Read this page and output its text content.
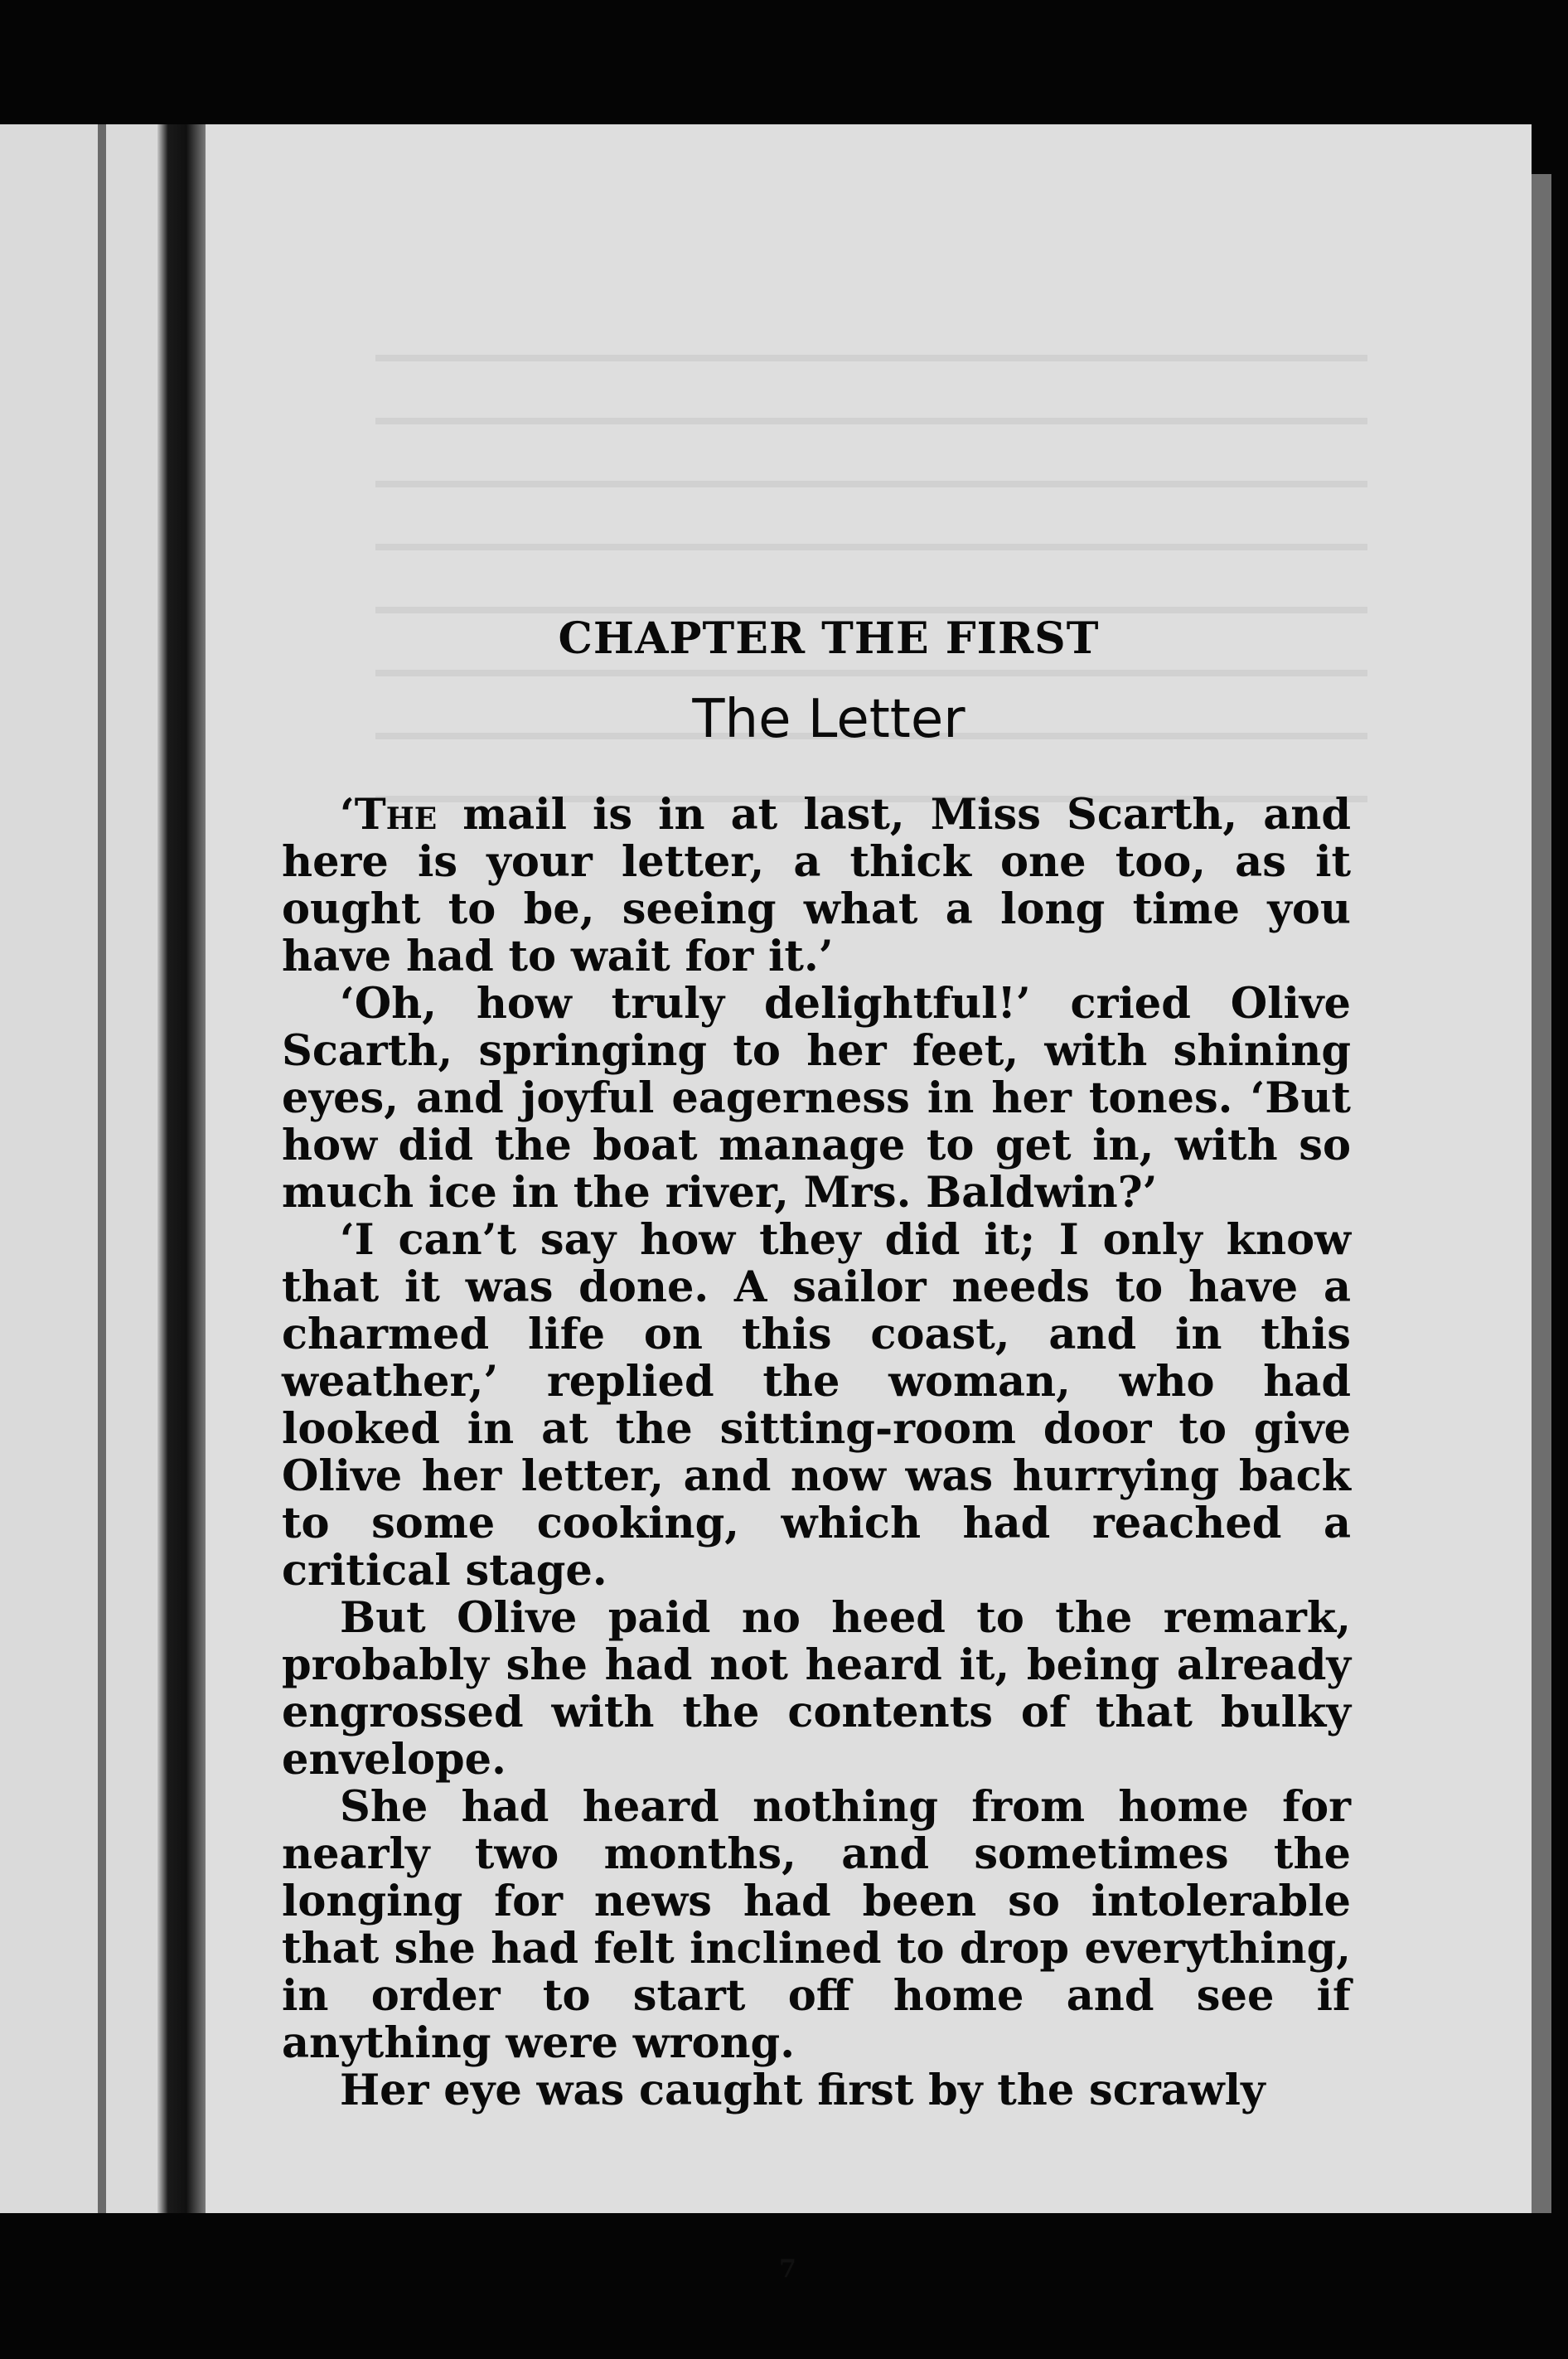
CHAPTER THE FIRST
The Letter

‘The mail is in at last, Miss Scarth, and here is your letter, a thick one too, as it ought to be, seeing what a long time you have had to wait for it.’

‘Oh, how truly delightful!’ cried Olive Scarth, springing to her feet, with shining eyes, and joyful eagerness in her tones. ‘But how did the boat manage to get in, with so much ice in the river, Mrs. Baldwin?’

‘I can’t say how they did it; I only know that it was done. A sailor needs to have a charmed life on this coast, and in this weather,’ replied the woman, who had looked in at the sitting-room door to give Olive her letter, and now was hurrying back to some cooking, which had reached a critical stage.

But Olive paid no heed to the remark, probably she had not heard it, being already engrossed with the contents of that bulky envelope.

She had heard nothing from home for nearly two months, and sometimes the longing for news had been so intolerable that she had felt inclined to drop everything, in order to start off home and see if anything were wrong.

Her eye was caught first by the scrawly

7
